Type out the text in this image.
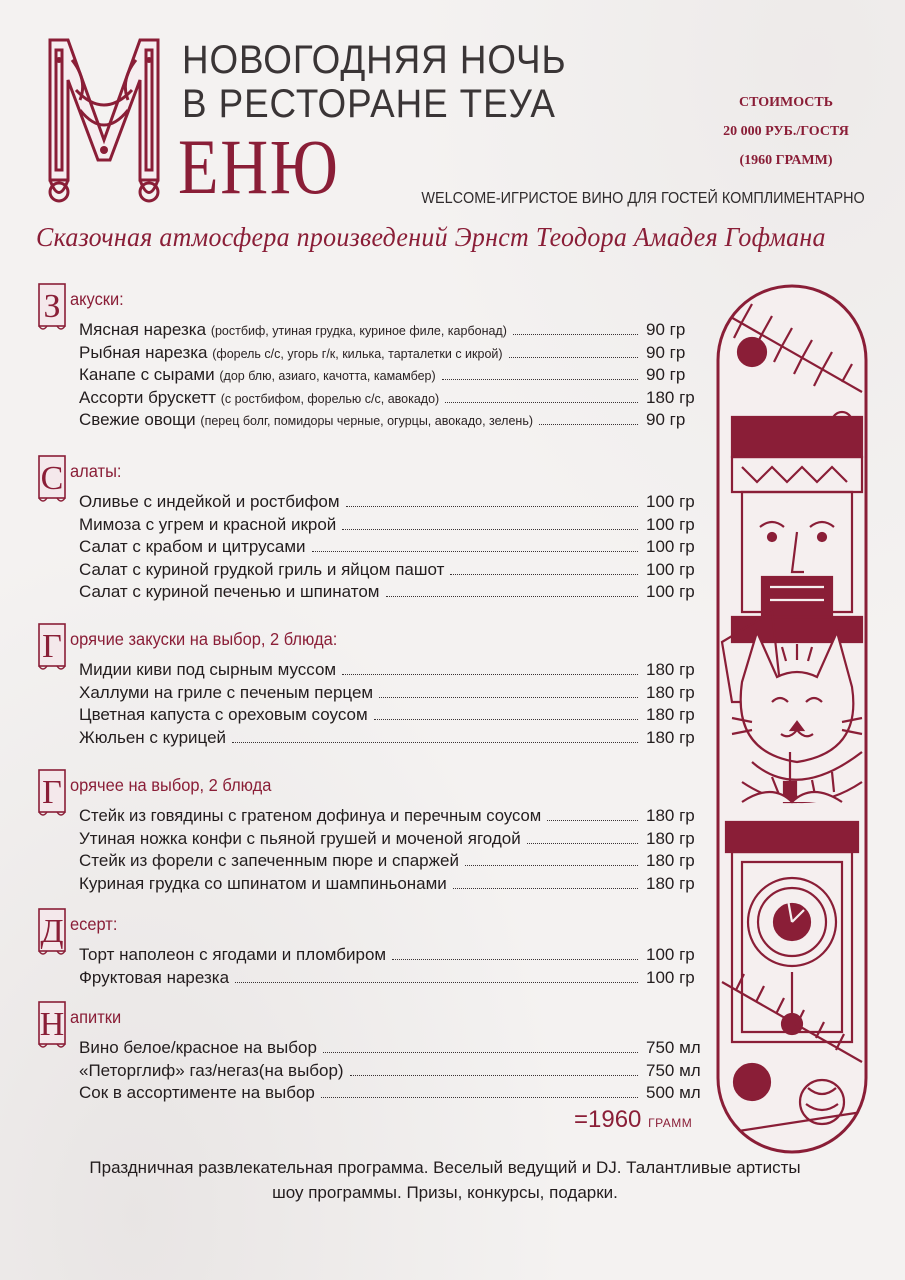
НОВОГОДНЯЯ НОЧЬ
В РЕСТОРАНЕ ТЕУА
ЕНЮ
СТОИМОСТЬ
20 000 РУБ./ГОСТЯ
(1960 ГРАММ)
WELCOME-ИГРИСТОЕ ВИНО ДЛЯ ГОСТЕЙ КОМПЛИМЕНТАРНО
Сказочная атмосфера произведений Эрнст Теодора Амадея Гофмана
З акуски:
Мясная нарезка (ростбиф, утиная грудка, куриное филе, карбонад)	90 гр
Рыбная нарезка (форель с/с, угорь г/к, килька, тарталетки с икрой)	90 гр
Канапе с сырами (дор блю, азиаго, качотта, камамбер)	90 гр
Ассорти брускетт (с ростбифом, форелью с/с, авокадо)	180 гр
Свежие овощи (перец болг, помидоры черные, огурцы, авокадо, зелень)	90 гр
С алаты:
Оливье с индейкой и ростбифом	100 гр
Мимоза с угрем и красной икрой	100 гр
Салат с крабом и цитрусами	100 гр
Салат с куриной грудкой гриль и яйцом пашот	100 гр
Салат с куриной печенью и шпинатом	100 гр
Г орячие закуски на выбор, 2 блюда:
Мидии киви под сырным муссом	180 гр
Халлуми на гриле с печеным перцем	180 гр
Цветная капуста с ореховым соусом	180 гр
Жюльен с курицей	180 гр
Г орячее на выбор, 2 блюда
Стейк из говядины с гратеном дофинуа и перечным соусом	180 гр
Утиная ножка конфи с пьяной грушей и моченой ягодой	180 гр
Стейк из форели с запеченным пюре и спаржей	180 гр
Куриная грудка со шпинатом и шампиньонами	180 гр
Д есерт:
Торт наполеон с ягодами и пломбиром	100 гр
Фруктовая нарезка	100 гр
Н апитки
Вино белое/красное на выбор	750 мл
«Петорглиф» газ/негаз(на выбор)	750 мл
Сок в ассортименте на выбор	500 мл
=1960 ГРАММ
Праздничная развлекательная программа. Веселый ведущий и DJ. Талантливые артисты
шоу программы. Призы, конкурсы, подарки.
